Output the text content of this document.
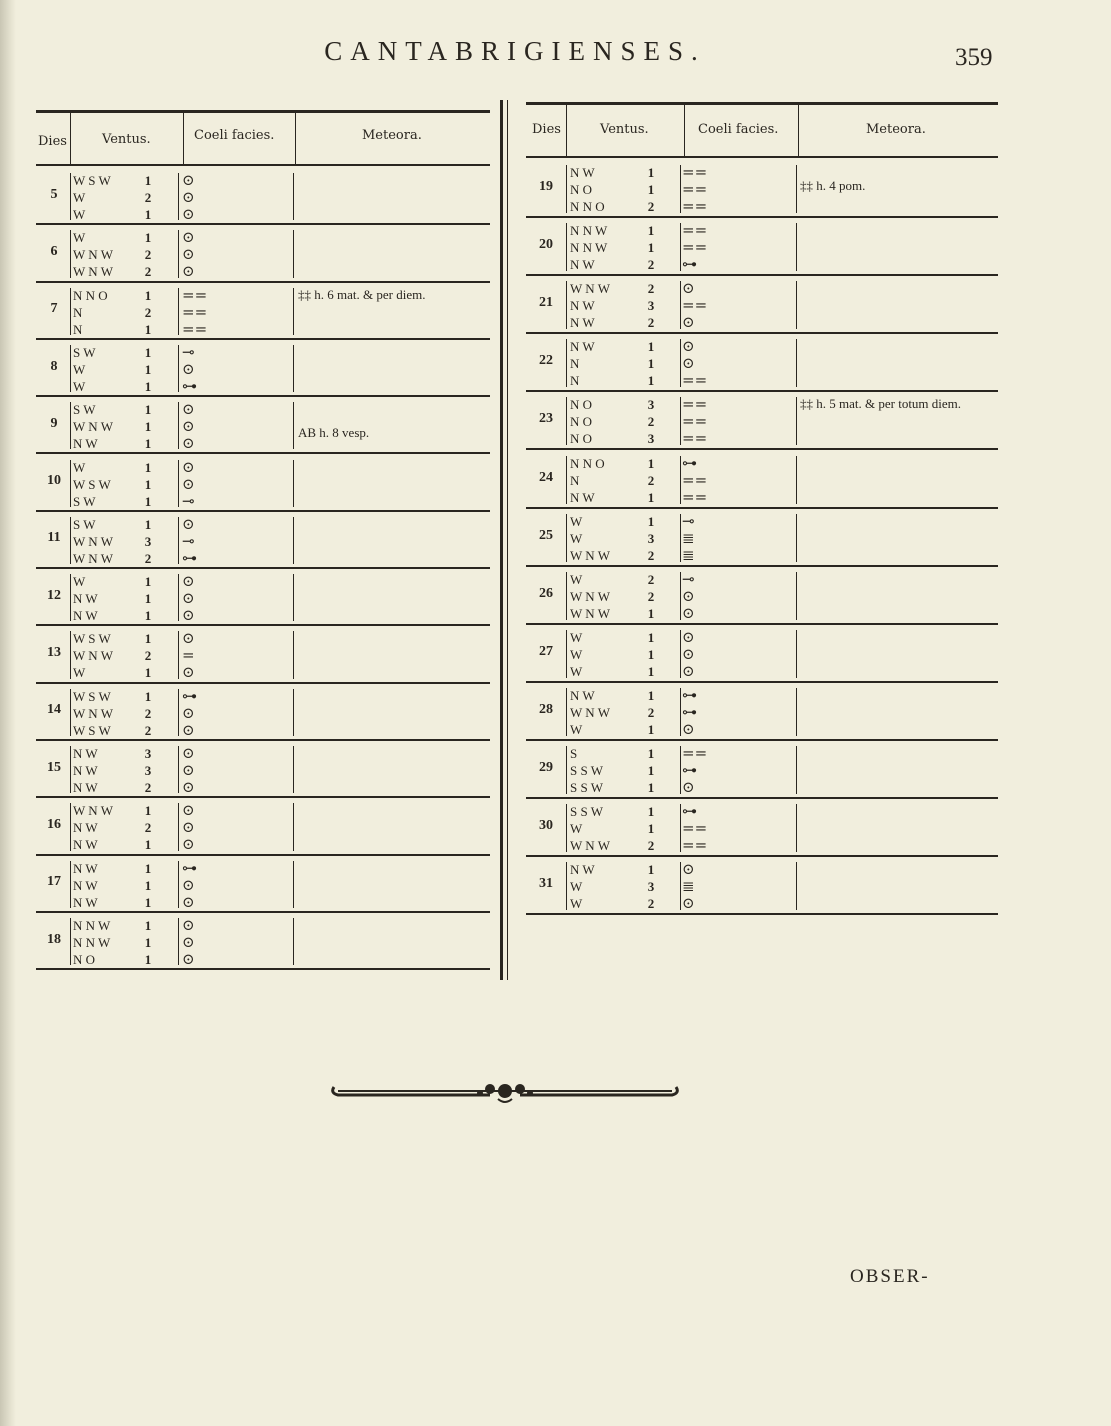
CANTABRIGIENSES.	359
Dies	Ventus.	Coeli facies.	Meteora.
5
W S W	1 ⊙
W	2 ⊙
W	1 ⊙
6
W	1 ⊙
W N W 2 ⊙
W N W 2 ⊙
7
N N O	1 ==
N	2 ==
N	1 ==
‡‡ h. 6 mat. & per diem.
8
S W	1 ⊸
W	1 ⊙
W	1 ⊶
9
S W	1 ⊙
W N W 1 ⊙
N W	1 ⊙
AB h. 8 vesp.
10
W	1 ⊙
W S W	1 ⊙
S W	1 ⊸
11
S W	1 ⊙
W N W 3 ⊸
W N W 2 ⊶
12
W	1 ⊙
N W	1 ⊙
N W	1 ⊙
13
W S W	1 ⊙
W N W 2 =
W	1 ⊙
14
W S W	1 ⊶
W N W 2 ⊙
W S W	2 ⊙
15
N W	3 ⊙
N W	3 ⊙
N W	2 ⊙
16
W N W 1 ⊙
N W	2 ⊙
N W	1 ⊙
17
N W	1 ⊶
N W	1 ⊙
N W	1 ⊙
18
N N W	1 ⊙
N N W	1 ⊙
N O	1 ⊙
Dies	Ventus.	Coeli facies.	Meteora.
19
N W	1 ==
N O	1 ==
N N O	2 ==
‡‡ h. 4 pom.
20
N N W	1 ==
N N W	1 ==
N W	2 ⊶
21
W N W	2 ⊙
N W	3 ==
N W	2 ⊙
22
N W	1 ⊙
N	1 ⊙
N	1 ==
23
N O	3 ==
N O	2 ==
N O	3 ==
‡‡ h. 5 mat. & per totum diem.
24
N N O	1 ⊶
N	2 ==
N W	1 ==
25
W	1 ⊸
W	3 ≣
W N W	2 ≣
26
W	2 ⊸
W N W	2 ⊙
W N W	1 ⊙
27
W	1 ⊙
W	1 ⊙
W	1 ⊙
28
N W	1 ⊶
W N W	2 ⊶
W	1 ⊙
29
S	1 ==
S S W	1 ⊶
S S W	1 ⊙
30
S S W	1 ⊶
W	1 ==
W N W	2 ==
31
N W	1 ⊙
W	3 ≣
W	2 ⊙
OBSER-
